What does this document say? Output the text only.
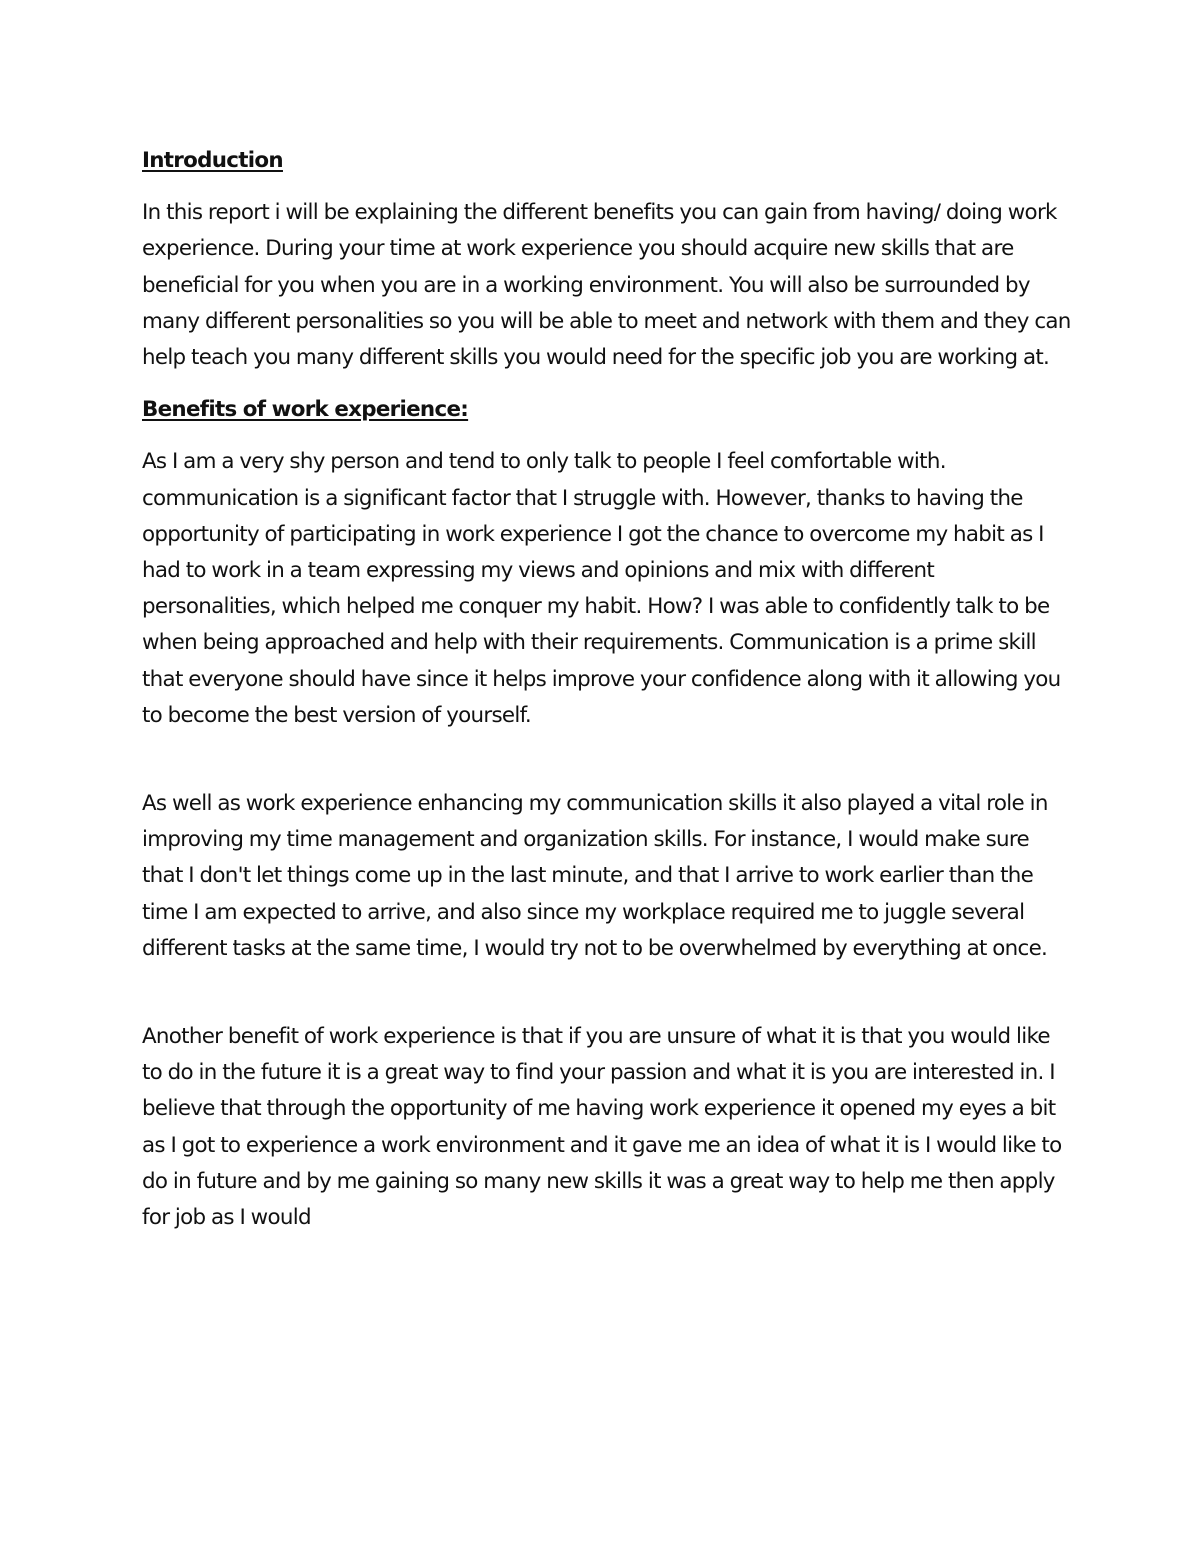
Introduction

In this report i will be explaining the different benefits you can gain from having/ doing work experience. During your time at work experience you should acquire new skills that are beneficial for you when you are in a working environment. You will also be surrounded by many different personalities so you will be able to meet and network with them and they can help teach you many different skills you would need for the specific job you are working at.

Benefits of work experience:

As I am a very shy person and tend to only talk to people I feel comfortable with. communication is a significant factor that I struggle with. However, thanks to having the opportunity of participating in work experience I got the chance to overcome my habit as I had to work in a team expressing my views and opinions and mix with different personalities, which helped me conquer my habit. How? I was able to confidently talk to be when being approached and help with their requirements. Communication is a prime skill that everyone should have since it helps improve your confidence along with it allowing you to become the best version of yourself.

As well as work experience enhancing my communication skills it also played a vital role in improving my time management and organization skills. For instance, I would make sure that I don't let things come up in the last minute, and that I arrive to work earlier than the time I am expected to arrive, and also since my workplace required me to juggle several different tasks at the same time, I would try not to be overwhelmed by everything at once.

Another benefit of work experience is that if you are unsure of what it is that you would like to do in the future it is a great way to find your passion and what it is you are interested in. I believe that through the opportunity of me having work experience it opened my eyes a bit as I got to experience a work environment and it gave me an idea of what it is I would like to do in future and by me gaining so many new skills it was a great way to help me then apply for job as I would
